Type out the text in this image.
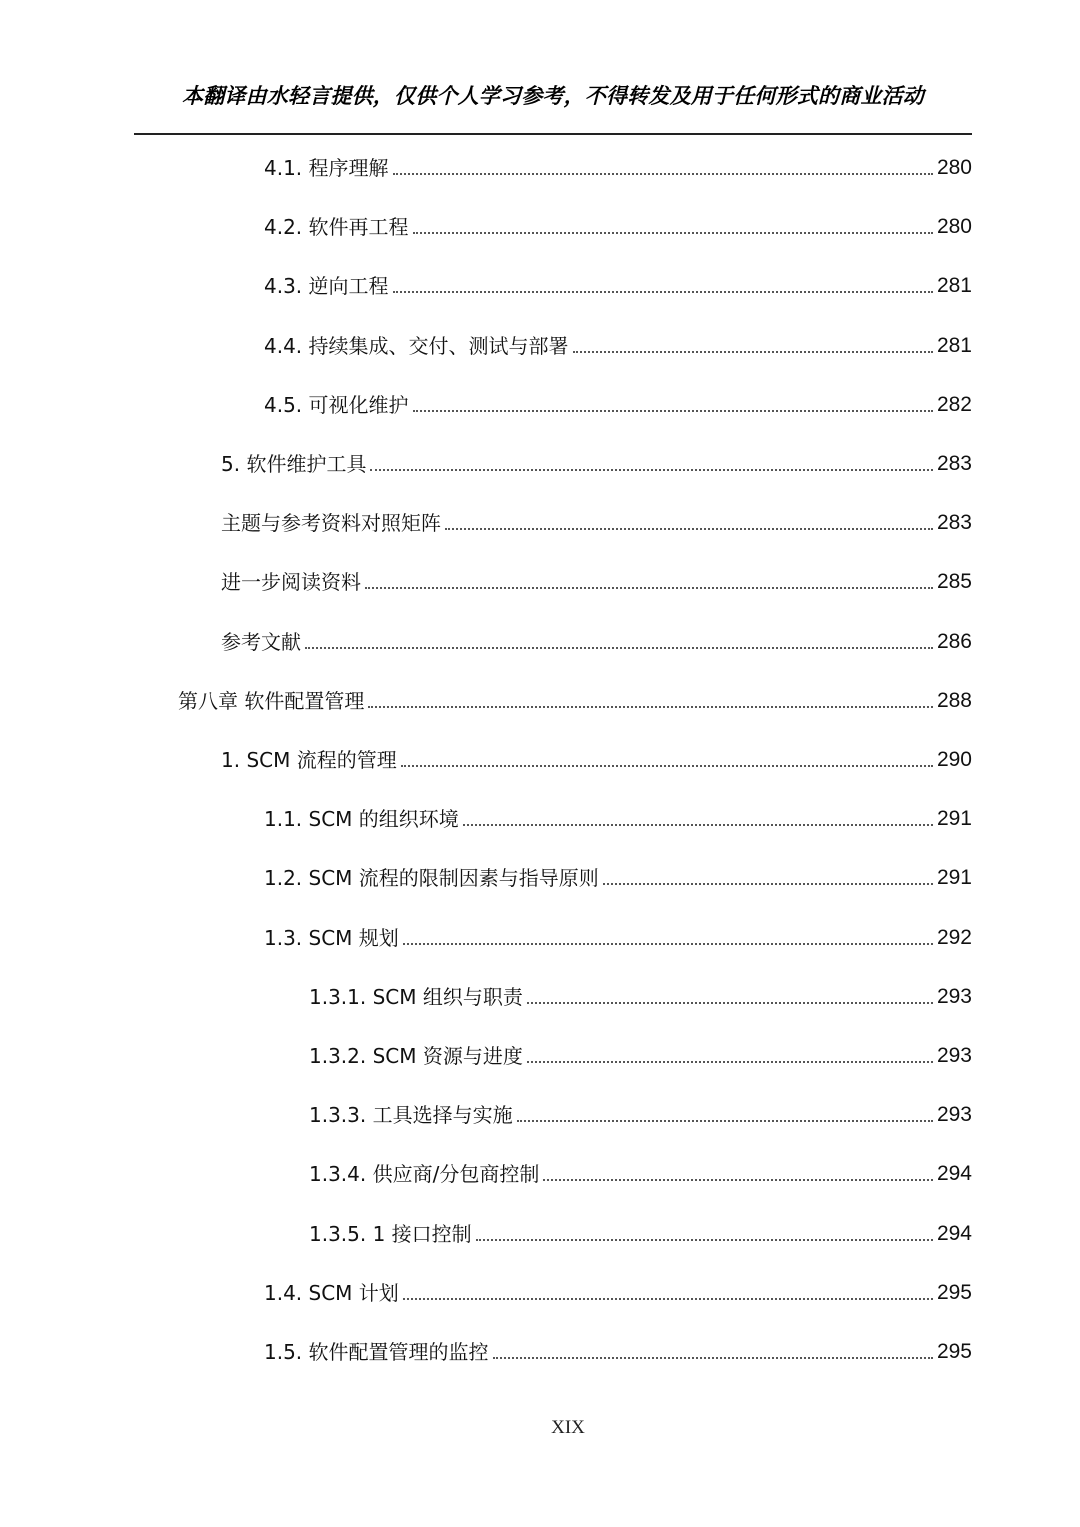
本翻译由水轻言提供，仅供个人学习参考，不得转发及用于任何形式的商业活动
4.1. 程序理解	280
4.2. 软件再工程	280
4.3. 逆向工程	281
4.4. 持续集成、交付、测试与部署	281
4.5. 可视化维护	282
5. 软件维护工具	283
主题与参考资料对照矩阵	283
进一步阅读资料	285
参考文献	286
第八章 软件配置管理	288
1. SCM 流程的管理	290
1.1. SCM 的组织环境	291
1.2. SCM 流程的限制因素与指导原则	291
1.3. SCM 规划	292
1.3.1. SCM 组织与职责	293
1.3.2. SCM 资源与进度	293
1.3.3. 工具选择与实施	293
1.3.4. 供应商/分包商控制	294
1.3.5. 1 接口控制	294
1.4. SCM 计划	295
1.5. 软件配置管理的监控	295
XIX
